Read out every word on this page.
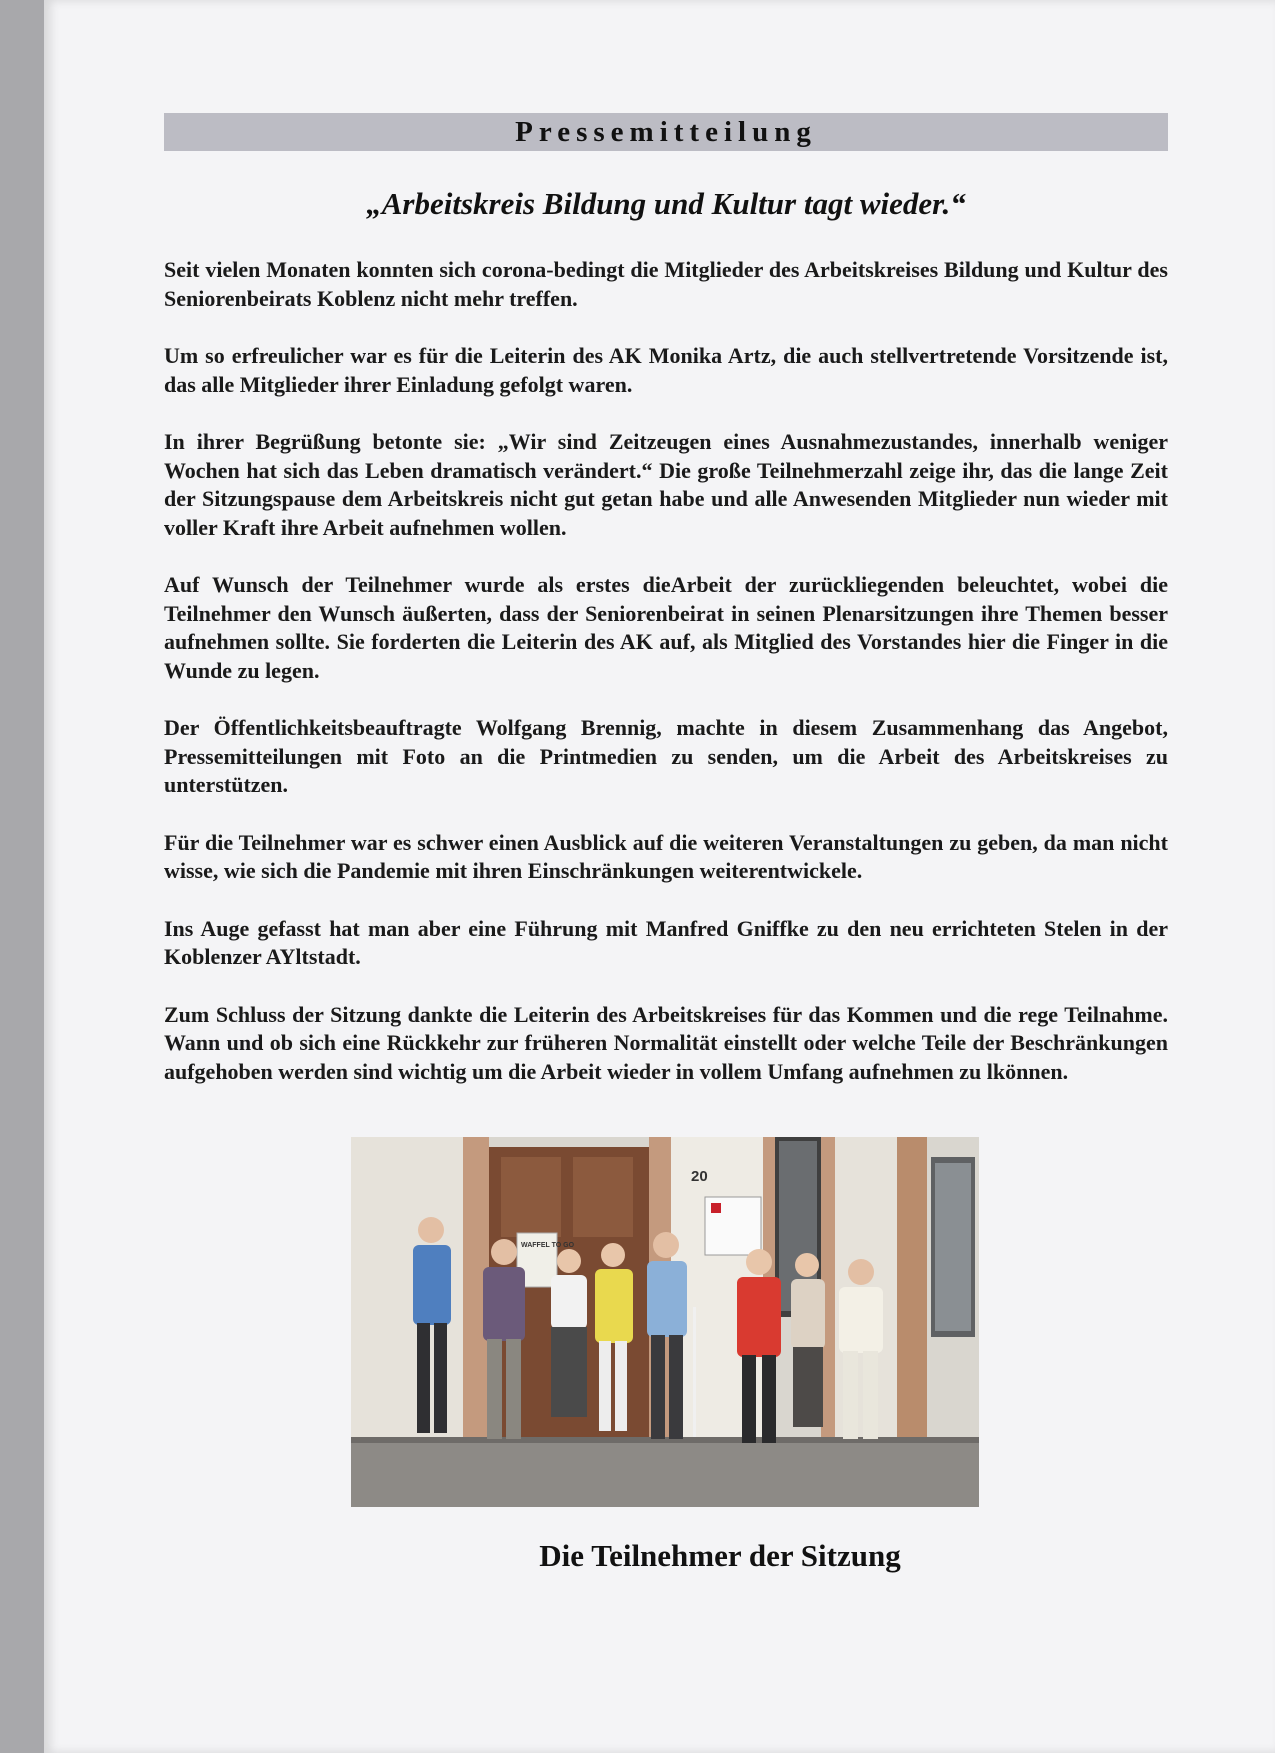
Pressemitteilung
„Arbeitskreis Bildung und Kultur tagt wieder.“

Seit vielen Monaten konnten sich corona-bedingt die Mitglieder des Arbeitskreises Bildung und Kultur des Seniorenbeirats Koblenz nicht mehr treffen.

Um so erfreulicher war es für die Leiterin des AK Monika Artz, die auch stellvertretende Vorsitzende ist, das alle Mitglieder ihrer Einladung gefolgt waren.

In ihrer Begrüßung betonte sie: „Wir sind Zeitzeugen eines Ausnahmezustandes, innerhalb weniger Wochen hat sich das Leben dramatisch verändert.“ Die große Teilnehmerzahl zeige ihr, das die lange Zeit der Sitzungspause dem Arbeitskreis nicht gut getan habe und alle Anwesenden Mitglieder nun wieder mit voller Kraft ihre Arbeit aufnehmen wollen.

Auf Wunsch der Teilnehmer wurde als erstes dieArbeit der zurückliegenden beleuchtet, wobei die Teilnehmer den Wunsch äußerten, dass der Seniorenbeirat in seinen Plenarsitzungen ihre Themen besser aufnehmen sollte. Sie forderten die Leiterin des AK auf, als Mitglied des Vorstandes hier die Finger in die Wunde zu legen.

Der Öffentlichkeitsbeauftragte Wolfgang Brennig, machte in diesem Zusammenhang das Angebot, Pressemitteilungen mit Foto an die Printmedien zu senden, um die Arbeit des Arbeitskreises zu unterstützen.

Für die Teilnehmer war es schwer einen Ausblick auf die weiteren Veranstaltungen zu geben, da man nicht wisse, wie sich die Pandemie mit ihren Einschränkungen weiterentwickele.

Ins Auge gefasst hat man aber eine Führung mit Manfred Gniffke zu den neu errichteten Stelen in der Koblenzer AYltstadt.

Zum Schluss der Sitzung dankte die Leiterin des Arbeitskreises für das Kommen und die rege Teilnahme. Wann und ob sich eine Rückkehr zur früheren Normalität einstellt oder welche Teile der Beschränkungen aufgehoben werden sind wichtig um die Arbeit wieder in vollem Umfang aufnehmen zu lkönnen.

20
WAFFEL TO GO
Die Teilnehmer der Sitzung
